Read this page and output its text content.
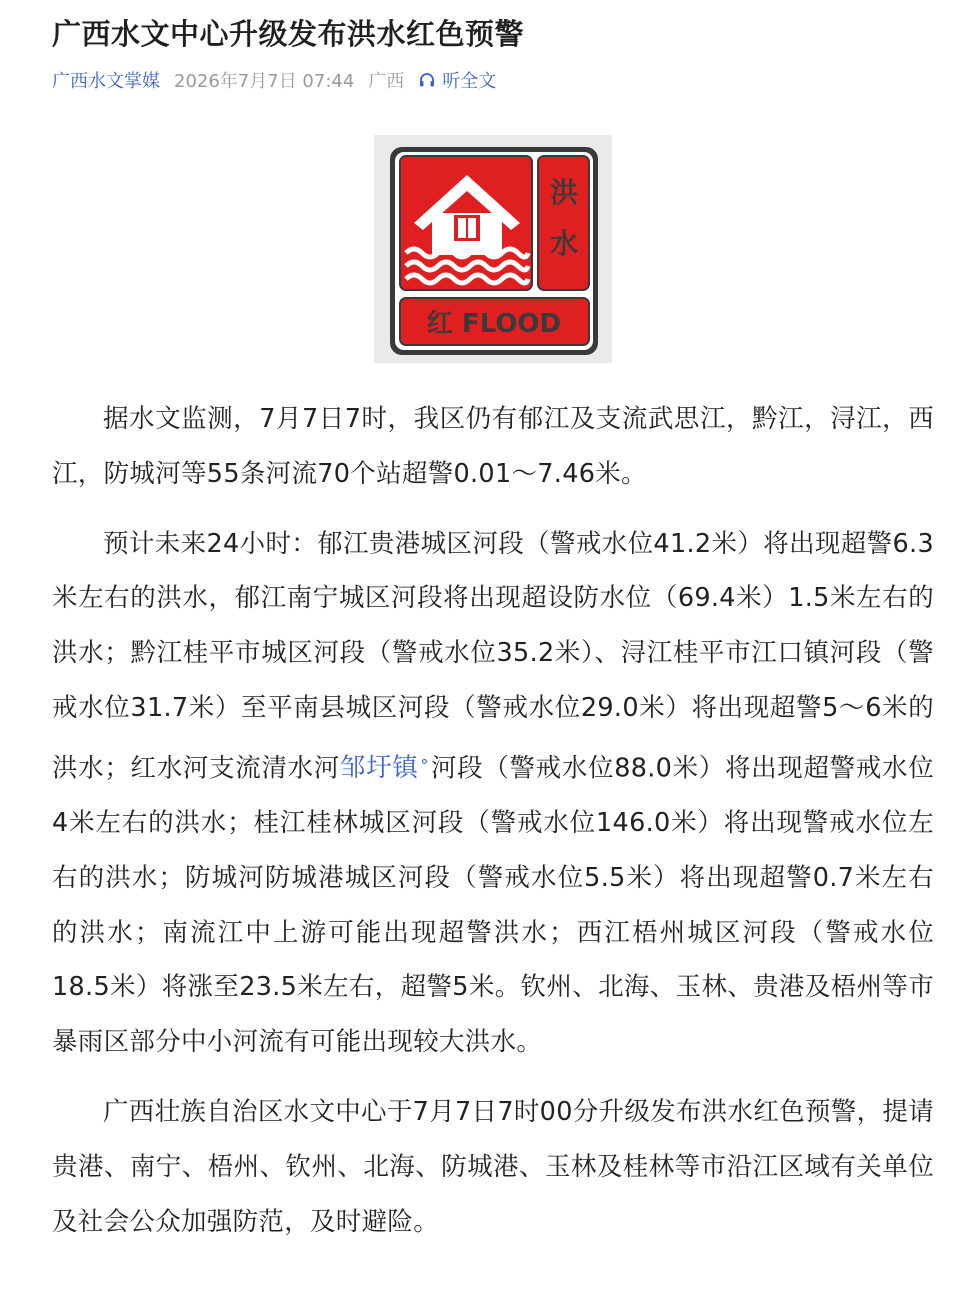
广西水文中心升级发布洪水红色预警
广西水文掌媒 2026年7月7日 07:44 广西 听全文
洪
水
红 FLOOD

据水文监测，7月7日7时，我区仍有郁江及支流武思江，黔江，浔江，西江，防城河等55条河流70个站超警0.01～7.46米。

预计未来24小时：郁江贵港城区河段（警戒水位41.2米）将出现超警6.3米左右的洪水，郁江南宁城区河段将出现超设防水位（69.4米）1.5米左右的洪水；黔江桂平市城区河段（警戒水位35.2米）、浔江桂平市江口镇河段（警戒水位31.7米）至平南县城区河段（警戒水位29.0米）将出现超警5～6米的洪水；红水河支流清水河邹圩镇⚬河段（警戒水位88.0米）将出现超警戒水位4米左右的洪水；桂江桂林城区河段（警戒水位146.0米）将出现警戒水位左右的洪水；防城河防城港城区河段（警戒水位5.5米）将出现超警0.7米左右的洪水；南流江中上游可能出现超警洪水；西江梧州城区河段（警戒水位18.5米）将涨至23.5米左右，超警5米。钦州、北海、玉林、贵港及梧州等市暴雨区部分中小河流有可能出现较大洪水。

广西壮族自治区水文中心于7月7日7时00分升级发布洪水红色预警，提请贵港、南宁、梧州、钦州、北海、防城港、玉林及桂林等市沿江区域有关单位及社会公众加强防范，及时避险。
